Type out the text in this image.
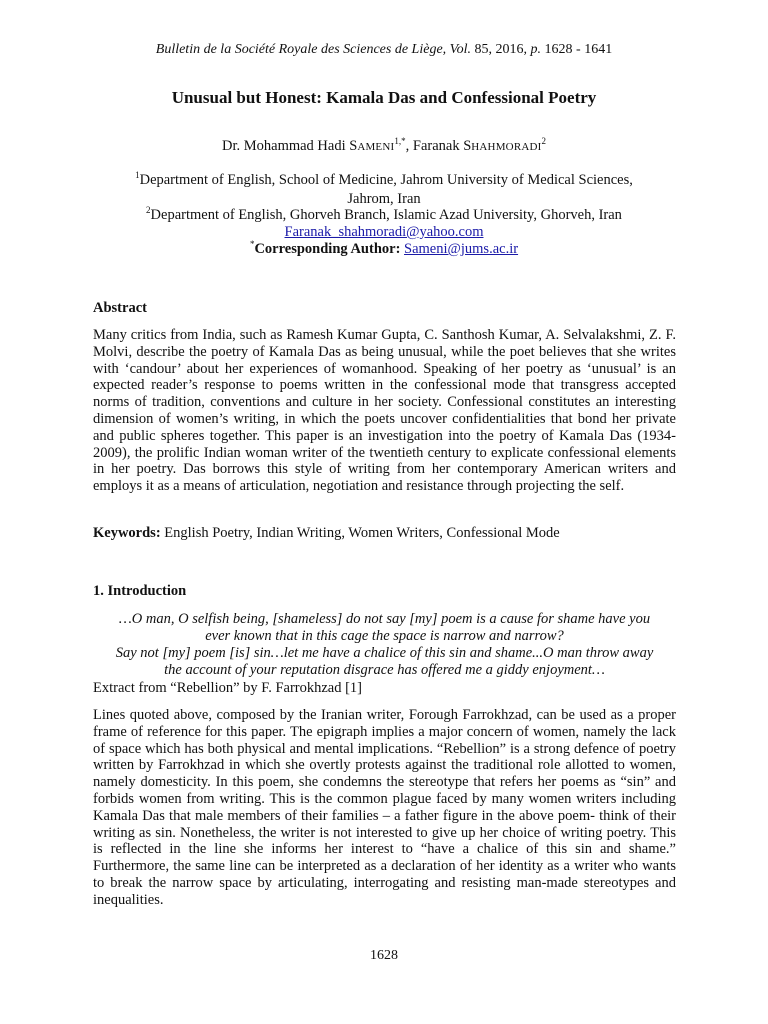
Bulletin de la Société Royale des Sciences de Liège, Vol. 85, 2016, p. 1628 - 1641
Unusual but Honest: Kamala Das and Confessional Poetry
Dr. Mohammad Hadi $SAMENI^{1,*}$, Faranak SHAHMORADI$^2$
$^1$Department of English, School of Medicine, Jahrom University of Medical Sciences,
Jahrom, Iran
$^2$Department of English, Ghorveh Branch, Islamic Azad University, Ghorveh, Iran
Faranak_shahmoradi@yahoo.com
*Corresponding Author: Sameni@jums.ac.ir
Abstract
Many critics from India, such as Ramesh Kumar Gupta, C. Santhosh Kumar, A. Selvalakshmi, Z. F. Molvi, describe the poetry of Kamala Das as being unusual, while the poet believes that she writes with ‘candour’ about her experiences of womanhood. Speaking of her poetry as ‘unusual’ is an expected reader’s response to poems written in the confessional mode that transgress accepted norms of tradition, conventions and culture in her society. Confessional constitutes an interesting dimension of women’s writing, in which the poets uncover confidentialities that bond her private and public spheres together. This paper is an investigation into the poetry of Kamala Das (1934-2009), the prolific Indian woman writer of the twentieth century to explicate confessional elements in her poetry. Das borrows this style of writing from her contemporary American writers and employs it as a means of articulation, negotiation and resistance through projecting the self.
Keywords: English Poetry, Indian Writing, Women Writers, Confessional Mode
1. Introduction
…O man, O selfish being, [shameless] do not say [my] poem is a cause for shame have you
ever known that in this cage the space is narrow and narrow?
Say not [my] poem [is] sin…let me have a chalice of this sin and shame...O man throw away
the account of your reputation disgrace has offered me a giddy enjoyment…
Extract from “Rebellion” by F. Farrokhzad [1]
Lines quoted above, composed by the Iranian writer, Forough Farrokhzad, can be used as a proper frame of reference for this paper. The epigraph implies a major concern of women, namely the lack of space which has both physical and mental implications. “Rebellion” is a strong defence of poetry written by Farrokhzad in which she overtly protests against the traditional role allotted to women, namely domesticity. In this poem, she condemns the stereotype that refers her poems as “sin” and forbids women from writing. This is the common plague faced by many women writers including Kamala Das that male members of their families – a father figure in the above poem- think of their writing as sin. Nonetheless, the writer is not interested to give up her choice of writing poetry. This is reflected in the line she informs her interest to “have a chalice of this sin and shame.” Furthermore, the same line can be interpreted as a declaration of her identity as a writer who wants to break the narrow space by articulating, interrogating and resisting man-made stereotypes and inequalities.
1628
